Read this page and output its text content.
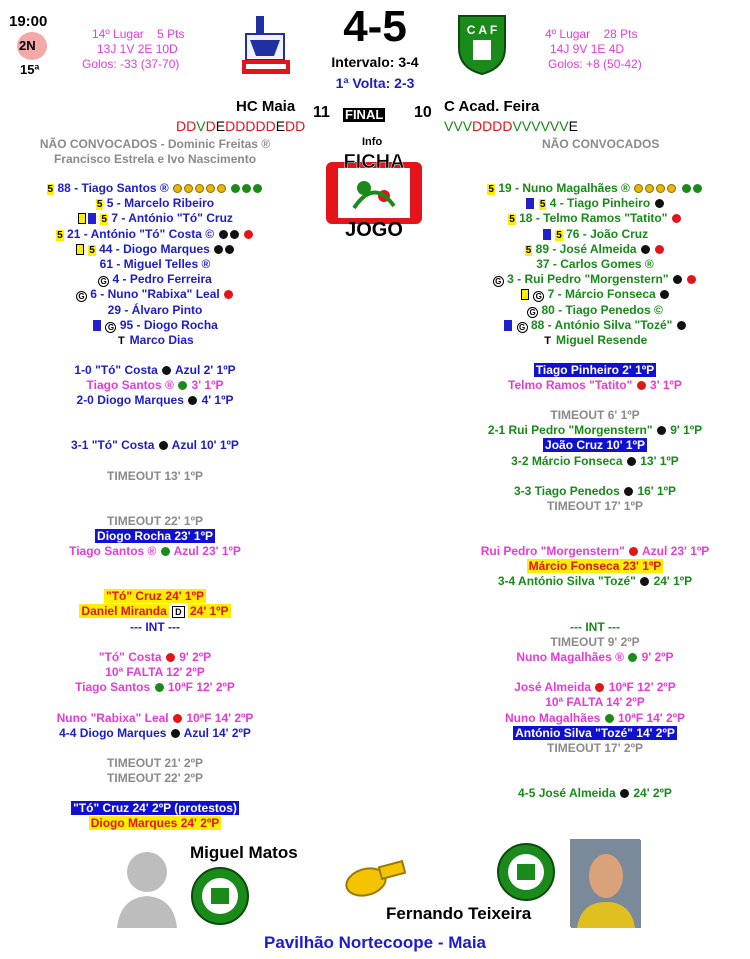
19:00
2N
15ª
14º Lugar 5 Pts
13J 1V 2E 10D
Golos: -33 (37-70)
4-5
Intervalo: 3-4
1ª Volta: 2-3
C A F	4º Lugar 28 Pts
14J 9V 1E 4D
Golos: +8 (50-42)
HC Maia 11 FINAL 10 C Acad. Feira
DDVDEDDDDDEDD	VVVDDDDVVVVVVE
NÃO CONVOCADOS - Dominic Freitas ®
Francisco Estrela e Ivo Nascimento
NÃO CONVOCADOS
Info
FICHA
JOGO
5 88 - Tiago Santos ®
5 5 - Marcelo Ribeiro
5 7 - António "Tó" Cruz
5 21 - António "Tó" Costa ©
5 44 - Diogo Marques
61 - Miguel Telles ®
G 4 - Pedro Ferreira
G 6 - Nuno "Rabixa" Leal
29 - Álvaro Pinto
G 95 - Diogo Rocha
T Marco Dias
5 19 - Nuno Magalhães ®
5 4 - Tiago Pinheiro
5 18 - Telmo Ramos "Tatito"
5 76 - João Cruz
5 89 - José Almeida
37 - Carlos Gomes ®
G 3 - Rui Pedro "Morgenstern"
G 7 - Márcio Fonseca
G 80 - Tiago Penedos ©
G 88 - António Silva "Tozé"
T Miguel Resende
1-0 "Tó" Costa Azul 2' 1ºP
Tiago Santos ® 3' 1ºP
2-0 Diogo Marques 4' 1ºP
3-1 "Tó" Costa Azul 10' 1ºP
TIMEOUT 13' 1ºP
TIMEOUT 22' 1ºP
Diogo Rocha 23' 1ºP
Tiago Santos ® Azul 23' 1ºP
"Tó" Cruz 24' 1ºP
Daniel Miranda D 24' 1ºP
--- INT ---
"Tó" Costa 9' 2ºP
10ª FALTA 12' 2ºP
Tiago Santos 10ªF 12' 2ºP
Nuno "Rabixa" Leal 10ªF 14' 2ºP
4-4 Diogo Marques Azul 14' 2ºP
TIMEOUT 21' 2ºP
TIMEOUT 22' 2ºP
"Tó" Cruz 24' 2ºP (protestos)
Diogo Marques 24' 2ºP
Tiago Pinheiro 2' 1ºP
Telmo Ramos "Tatito" 3' 1ºP
TIMEOUT 6' 1ºP
2-1 Rui Pedro "Morgenstern" 9' 1ºP
João Cruz 10' 1ºP
3-2 Márcio Fonseca 13' 1ºP
3-3 Tiago Penedos 16' 1ºP
TIMEOUT 17' 1ºP
Rui Pedro "Morgenstern" Azul 23' 1ºP
Márcio Fonseca 23' 1ºP
3-4 António Silva "Tozé" 24' 1ºP
--- INT ---
TIMEOUT 9' 2ºP
Nuno Magalhães ® 9' 2ºP
José Almeida 10ªF 12' 2ºP
10ª FALTA 14' 2ºP
Nuno Magalhães 10ªF 14' 2ºP
António Silva "Tozé" 14' 2ºP
TIMEOUT 17' 2ºP
4-5 José Almeida 24' 2ºP
Miguel Matos
Fernando Teixeira
Pavilhão Nortecoope - Maia
